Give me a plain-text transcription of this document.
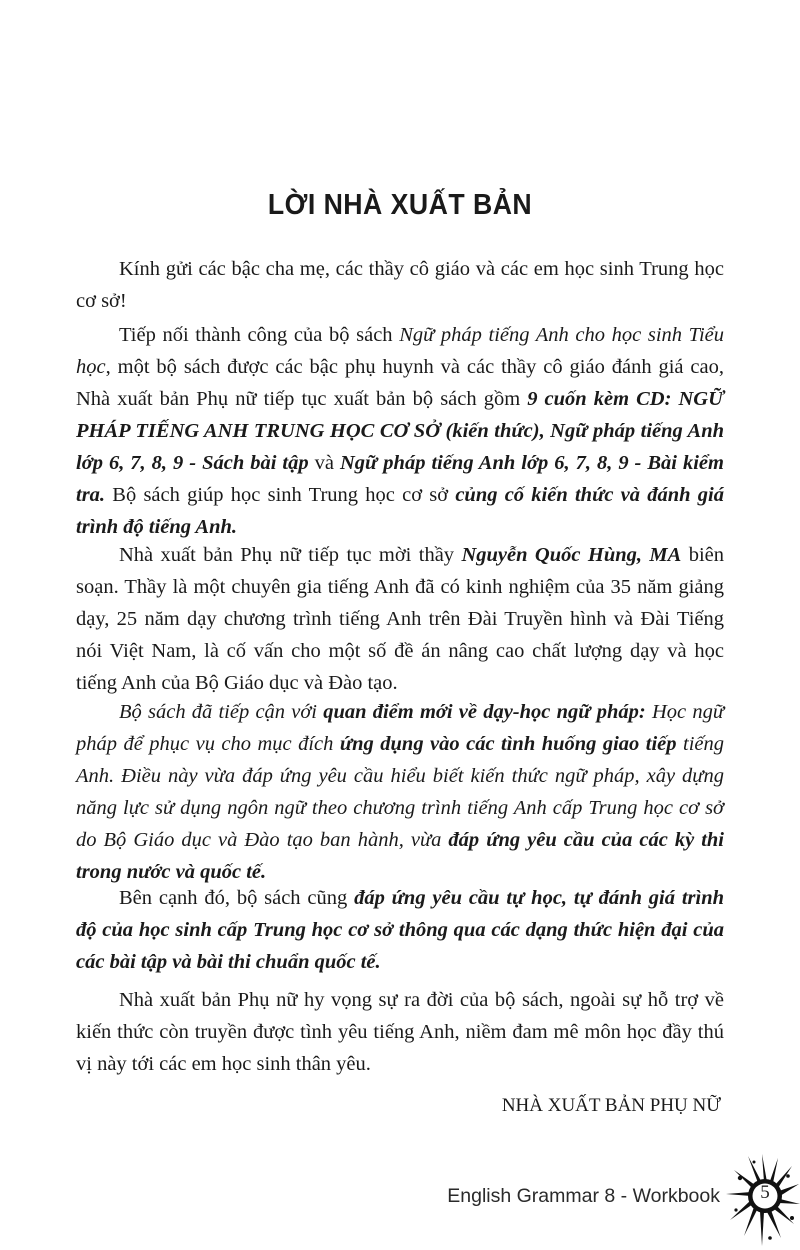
LỜI NHÀ XUẤT BẢN

Kính gửi các bậc cha mẹ, các thầy cô giáo và các em học sinh Trung học cơ sở!

Tiếp nối thành công của bộ sách Ngữ pháp tiếng Anh cho học sinh Tiểu học, một bộ sách được các bậc phụ huynh và các thầy cô giáo đánh giá cao, Nhà xuất bản Phụ nữ tiếp tục xuất bản bộ sách gồm 9 cuốn kèm CD: NGỮ PHÁP TIẾNG ANH TRUNG HỌC CƠ SỞ (kiến thức), Ngữ pháp tiếng Anh lớp 6, 7, 8, 9 - Sách bài tập và Ngữ pháp tiếng Anh lớp 6, 7, 8, 9 - Bài kiểm tra. Bộ sách giúp học sinh Trung học cơ sở củng cố kiến thức và đánh giá trình độ tiếng Anh.

Nhà xuất bản Phụ nữ tiếp tục mời thầy Nguyễn Quốc Hùng, MA biên soạn. Thầy là một chuyên gia tiếng Anh đã có kinh nghiệm của 35 năm giảng dạy, 25 năm dạy chương trình tiếng Anh trên Đài Truyền hình và Đài Tiếng nói Việt Nam, là cố vấn cho một số đề án nâng cao chất lượng dạy và học tiếng Anh của Bộ Giáo dục và Đào tạo.

Bộ sách đã tiếp cận với quan điểm mới về dạy-học ngữ pháp: Học ngữ pháp để phục vụ cho mục đích ứng dụng vào các tình huống giao tiếp tiếng Anh. Điều này vừa đáp ứng yêu cầu hiểu biết kiến thức ngữ pháp, xây dựng năng lực sử dụng ngôn ngữ theo chương trình tiếng Anh cấp Trung học cơ sở do Bộ Giáo dục và Đào tạo ban hành, vừa đáp ứng yêu cầu của các kỳ thi trong nước và quốc tế.

Bên cạnh đó, bộ sách cũng đáp ứng yêu cầu tự học, tự đánh giá trình độ của học sinh cấp Trung học cơ sở thông qua các dạng thức hiện đại của các bài tập và bài thi chuẩn quốc tế.

Nhà xuất bản Phụ nữ hy vọng sự ra đời của bộ sách, ngoài sự hỗ trợ về kiến thức còn truyền được tình yêu tiếng Anh, niềm đam mê môn học đầy thú vị này tới các em học sinh thân yêu.

NHÀ XUẤT BẢN PHỤ NỮ
English Grammar 8 - Workbook	5
